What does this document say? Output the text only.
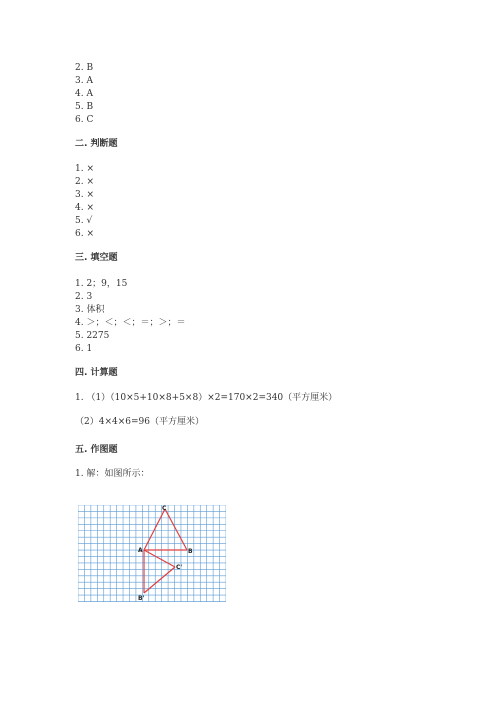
2. B
3. A
4. A
5. B
6. C
二. 判断题
1. ×
2. ×
3. ×
4. ×
5. √
6. ×
三. 填空题
1. 2；9，15
2. 3
3. 体积
4. ＞；＜；＜；＝；＞；＝
5. 2275
6. 1
四. 计算题
1. （1）（10×5+10×8+5×8）×2=170×2=340（平方厘米）
（2）4×4×6=96（平方厘米）
五. 作图题
1. 解：如图所示：
C
A	B
C'
B'
